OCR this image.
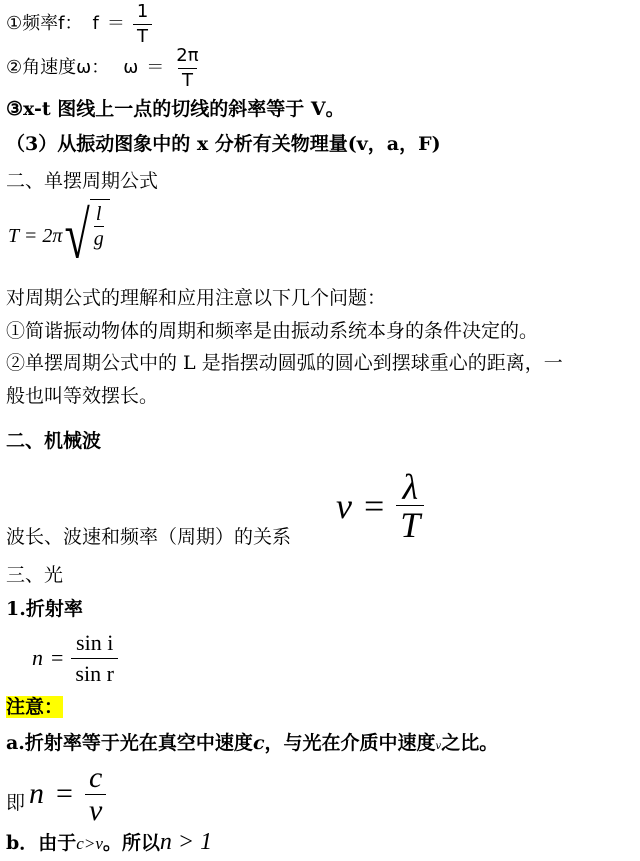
①频率f： $f = \frac{1}{T}$
②角速度ω： $\omega = \frac{2\pi}{T}$
③x-t 图线上一点的切线的斜率等于 V。
（3）从振动图象中的 x 分析有关物理量(v，a，F)
二、单摆周期公式
T = 2π √ $\frac{l}{g}$
对周期公式的理解和应用注意以下几个问题：
①简谐振动物体的周期和频率是由振动系统本身的条件决定的。
②单摆周期公式中的 L 是指摆动圆弧的圆心到摆球重心的距离，一
般也叫等效摆长。
二、机械波
$v = \frac{\lambda}{T}$
波长、波速和频率（周期）的关系
三、光
1.折射率
$n = \frac{\text{sin i}}{\text{sin r}}$
注意：
a.折射率等于光在真空中速度c，与光在介质中速度v之比。
即 $n = \frac{c}{v}$
b．由于c>v。所以n > 1
